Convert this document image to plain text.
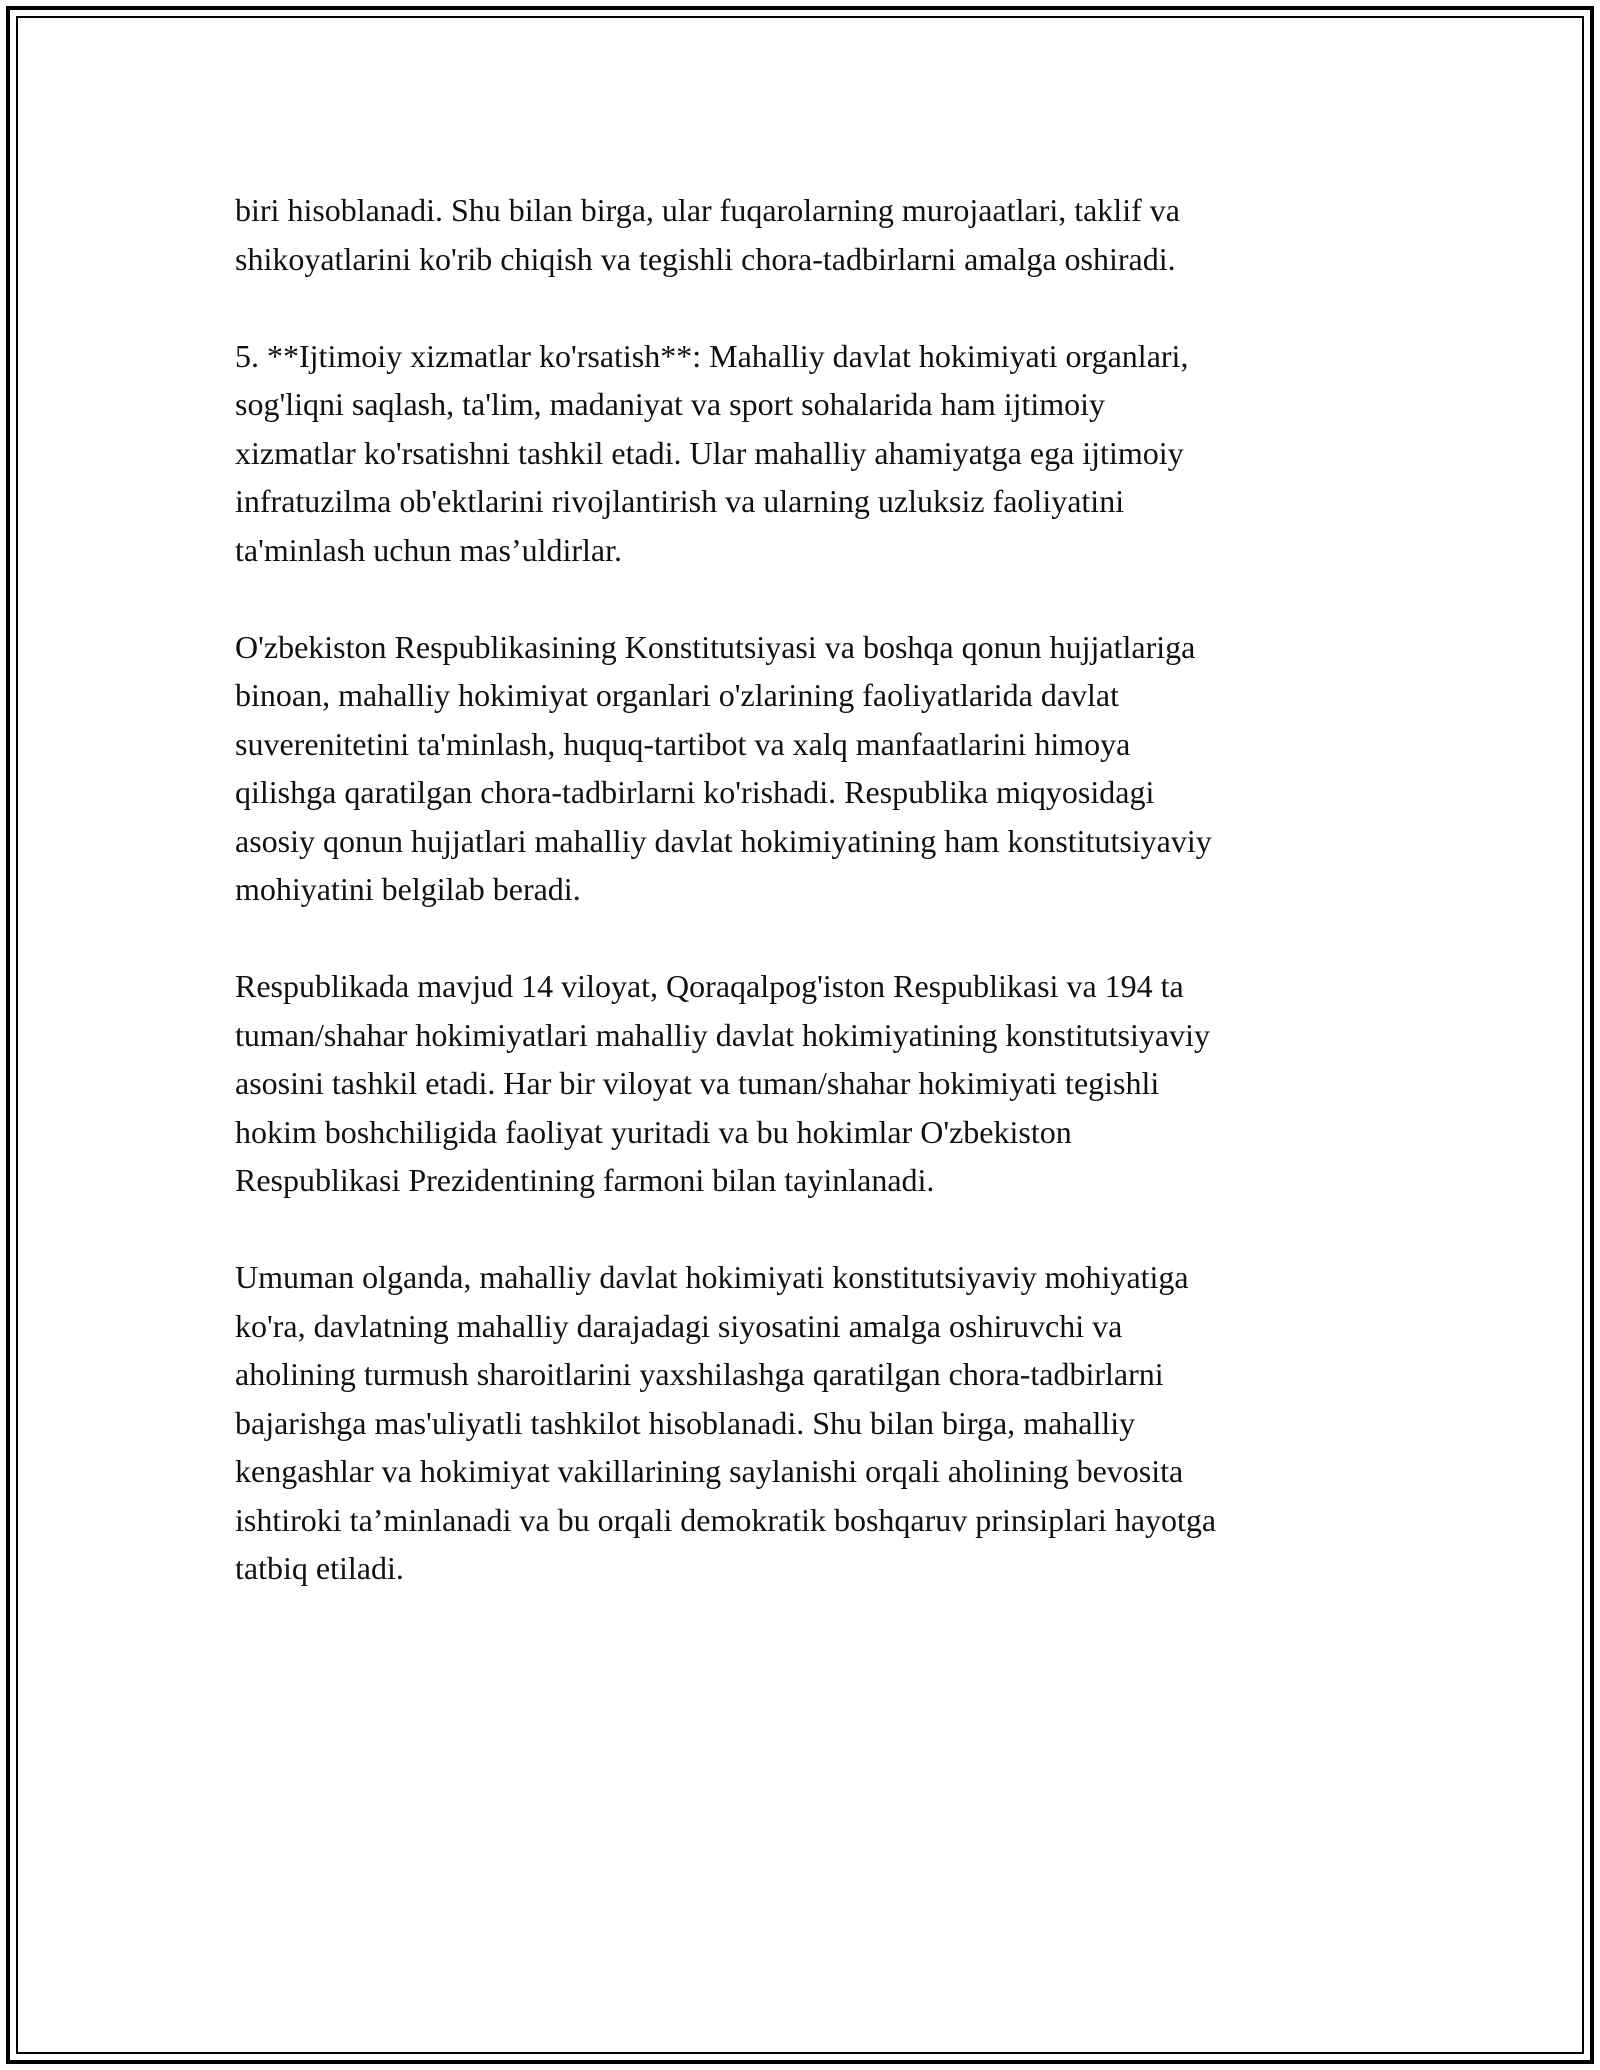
biri hisoblanadi. Shu bilan birga, ular fuqarolarning murojaatlari, taklif va
shikoyatlarini ko'rib chiqish va tegishli chora-tadbirlarni amalga oshiradi.

5. **Ijtimoiy xizmatlar ko'rsatish**: Mahalliy davlat hokimiyati organlari,
sog'liqni saqlash, ta'lim, madaniyat va sport sohalarida ham ijtimoiy
xizmatlar ko'rsatishni tashkil etadi. Ular mahalliy ahamiyatga ega ijtimoiy
infratuzilma ob'ektlarini rivojlantirish va ularning uzluksiz faoliyatini
ta'minlash uchun mas’uldirlar.

O'zbekiston Respublikasining Konstitutsiyasi va boshqa qonun hujjatlariga
binoan, mahalliy hokimiyat organlari o'zlarining faoliyatlarida davlat
suverenitetini ta'minlash, huquq-tartibot va xalq manfaatlarini himoya
qilishga qaratilgan chora-tadbirlarni ko'rishadi. Respublika miqyosidagi
asosiy qonun hujjatlari mahalliy davlat hokimiyatining ham konstitutsiyaviy
mohiyatini belgilab beradi.

Respublikada mavjud 14 viloyat, Qoraqalpog'iston Respublikasi va 194 ta
tuman/shahar hokimiyatlari mahalliy davlat hokimiyatining konstitutsiyaviy
asosini tashkil etadi. Har bir viloyat va tuman/shahar hokimiyati tegishli
hokim boshchiligida faoliyat yuritadi va bu hokimlar O'zbekiston
Respublikasi Prezidentining farmoni bilan tayinlanadi.

Umuman olganda, mahalliy davlat hokimiyati konstitutsiyaviy mohiyatiga
ko'ra, davlatning mahalliy darajadagi siyosatini amalga oshiruvchi va
aholining turmush sharoitlarini yaxshilashga qaratilgan chora-tadbirlarni
bajarishga mas'uliyatli tashkilot hisoblanadi. Shu bilan birga, mahalliy
kengashlar va hokimiyat vakillarining saylanishi orqali aholining bevosita
ishtiroki ta’minlanadi va bu orqali demokratik boshqaruv prinsiplari hayotga
tatbiq etiladi.
